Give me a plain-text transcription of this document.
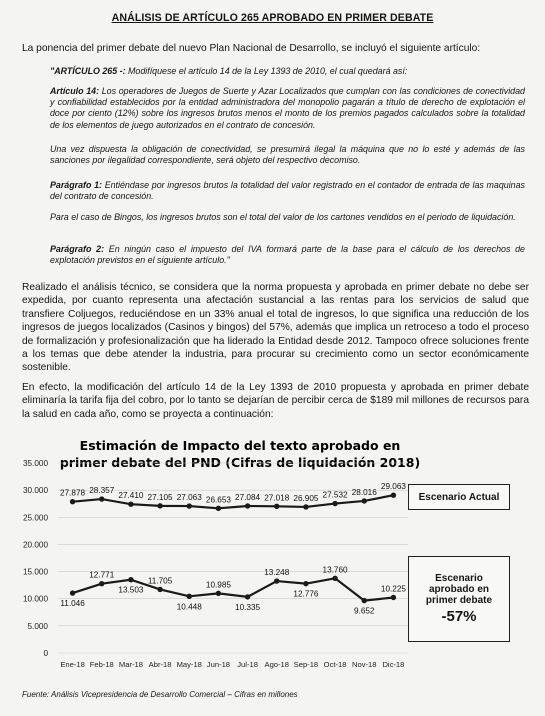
ANÁLISIS DE ARTÍCULO 265 APROBADO EN PRIMER DEBATE
La ponencia del primer debate del nuevo Plan Nacional de Desarrollo, se incluyó el siguiente artículo:
"ARTÍCULO 265 -: Modifíquese el artículo 14 de la Ley 1393 de 2010, el cual quedará así:
Artículo 14: Los operadores de Juegos de Suerte y Azar Localizados que cumplan con las condiciones de conectividad y confiabilidad establecidos por la entidad administradora del monopolio pagarán a título de derecho de explotación el doce por ciento (12%) sobre los ingresos brutos menos el monto de los premios pagados calculados sobre la totalidad de los elementos de juego autorizados en el contrato de concesión.
Una vez dispuesta la obligación de conectividad, se presumirá ilegal la máquina que no lo esté y además de las sanciones por ilegalidad correspondiente, será objeto del respectivo decomiso.
Parágrafo 1: Entiéndase por ingresos brutos la totalidad del valor registrado en el contador de entrada de las maquinas del contrato de concesión.
Para el caso de Bingos, los ingresos brutos son el total del valor de los cartones vendidos en el periodo de liquidación.
Parágrafo 2: En ningún caso el impuesto del IVA formará parte de la base para el cálculo de los derechos de explotación previstos en el siguiente artículo."
Realizado el análisis técnico, se considera que la norma propuesta y aprobada en primer debate no debe ser expedida, por cuanto representa una afectación sustancial a las rentas para los servicios de salud que transfiere Coljuegos, reduciéndose en un 33% anual el total de ingresos, lo que significa una reducción de los ingresos de juegos localizados (Casinos y bingos) del 57%, además que implica un retroceso a todo el proceso de formalización y profesionalización que ha liderado la Entidad desde 2012. Tampoco ofrece soluciones frente a los temas que debe atender la industria, para procurar su crecimiento como un sector económicamente sostenible.
En efecto, la modificación del artículo 14 de la Ley 1393 de 2010 propuesta y aprobada en primer debate eliminaría la tarifa fija del cobro, por lo tanto se dejarían de percibir cerca de $189 mil millones de recursos para la salud en cada año, como se proyecta a continuación:
Estimación de Impacto del texto aprobado en
primer debate del PND (Cifras de liquidación 2018)
0
5.000
10.000
15.000
20.000
25.000
30.000
35.000
Ene-18 Feb-18 Mar-18 Abr-18 May-18 Jun-18 Jul-18 Ago-18 Sep-18 Oct-18 Nov-18 Dic-18
27.878 28.357
27.410 27.105 27.063 26.653 27.084 27.018 26.905 27.532 28.016
29.063
11.046
12.771
13.503
11.705
10.448
10.985
10.335
13.248
12.776
13.760
9.652
10.225
Escenario Actual
Escenario
aprobado en
primer debate
-57%
Fuente: Análisis Vicepresidencia de Desarrollo Comercial – Cifras en millones
